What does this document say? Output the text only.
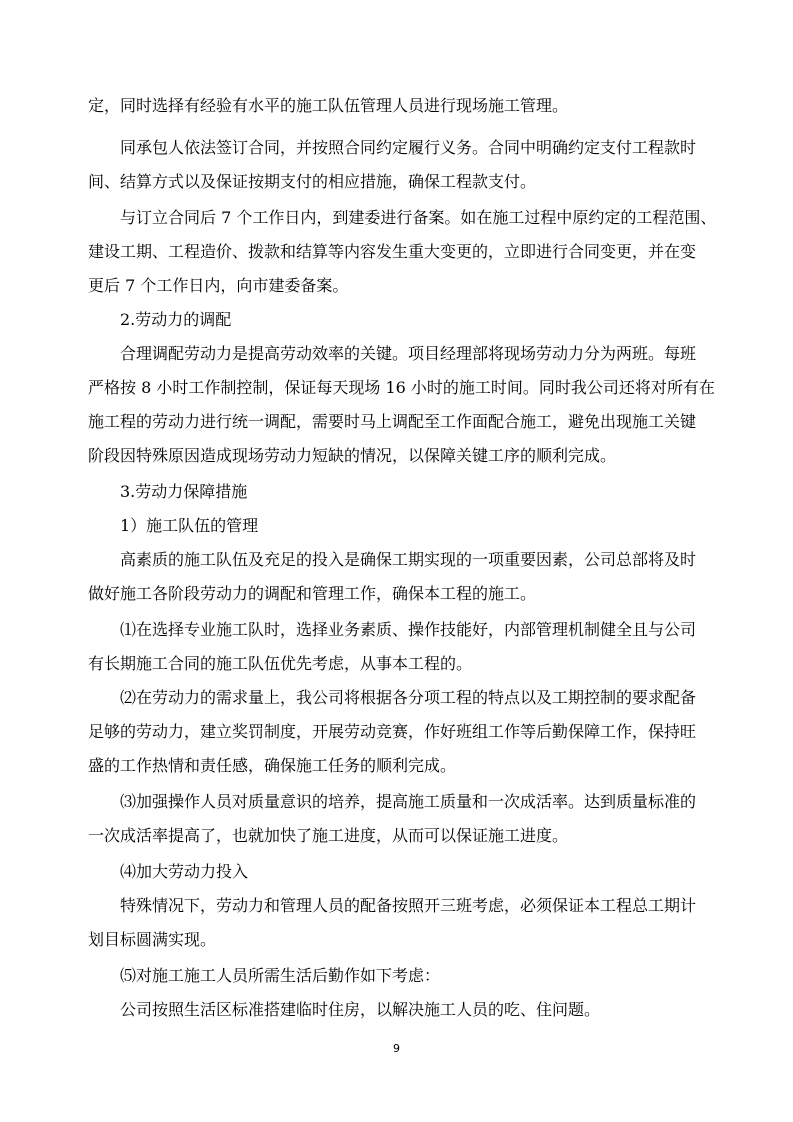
定，同时选择有经验有水平的施工队伍管理人员进行现场施工管理。

同承包人依法签订合同，并按照合同约定履行义务。合同中明确约定支付工程款时

间、结算方式以及保证按期支付的相应措施，确保工程款支付。

与订立合同后 7 个工作日内，到建委进行备案。如在施工过程中原约定的工程范围、

建设工期、工程造价、拨款和结算等内容发生重大变更的，立即进行合同变更，并在变

更后 7 个工作日内，向市建委备案。

2.劳动力的调配

合理调配劳动力是提高劳动效率的关键。项目经理部将现场劳动力分为两班。每班

严格按 8 小时工作制控制，保证每天现场 16 小时的施工时间。同时我公司还将对所有在

施工程的劳动力进行统一调配，需要时马上调配至工作面配合施工，避免出现施工关键

阶段因特殊原因造成现场劳动力短缺的情况，以保障关键工序的顺利完成。

3.劳动力保障措施

1）施工队伍的管理

高素质的施工队伍及充足的投入是确保工期实现的一项重要因素，公司总部将及时

做好施工各阶段劳动力的调配和管理工作，确保本工程的施工。

⑴在选择专业施工队时，选择业务素质、操作技能好，内部管理机制健全且与公司

有长期施工合同的施工队伍优先考虑，从事本工程的。

⑵在劳动力的需求量上，我公司将根据各分项工程的特点以及工期控制的要求配备

足够的劳动力，建立奖罚制度，开展劳动竞赛，作好班组工作等后勤保障工作，保持旺

盛的工作热情和责任感，确保施工任务的顺利完成。

⑶加强操作人员对质量意识的培养，提高施工质量和一次成活率。达到质量标准的

一次成活率提高了，也就加快了施工进度，从而可以保证施工进度。

⑷加大劳动力投入

特殊情况下，劳动力和管理人员的配备按照开三班考虑，必须保证本工程总工期计

划目标圆满实现。

⑸对施工施工人员所需生活后勤作如下考虑：

公司按照生活区标准搭建临时住房，以解决施工人员的吃、住问题。

9
